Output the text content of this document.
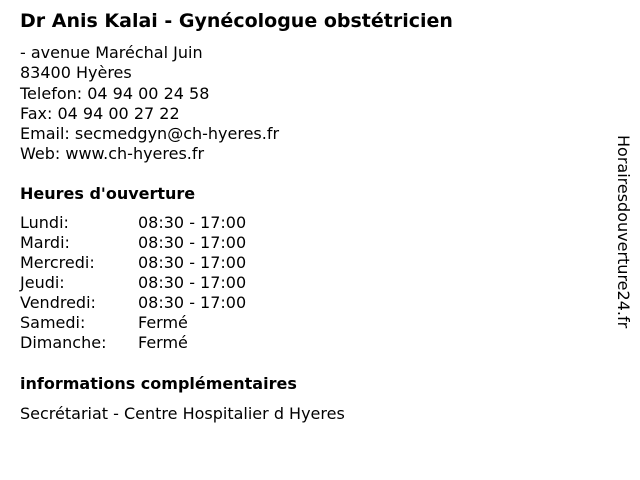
Dr Anis Kalai - Gynécologue obstétricien
- avenue Maréchal Juin
83400 Hyères
Telefon: 04 94 00 24 58
Fax: 04 94 00 27 22
Email: secmedgyn@ch-hyeres.fr
Web: www.ch-hyeres.fr
Heures d'ouverture
Lundi:	08:30 - 17:00
Mardi:	08:30 - 17:00
Mercredi:	08:30 - 17:00
Jeudi:	08:30 - 17:00
Vendredi:	08:30 - 17:00
Samedi:	Fermé
Dimanche:	Fermé
informations complémentaires
Secrétariat - Centre Hospitalier d Hyeres
Horairesdouverture24.fr
